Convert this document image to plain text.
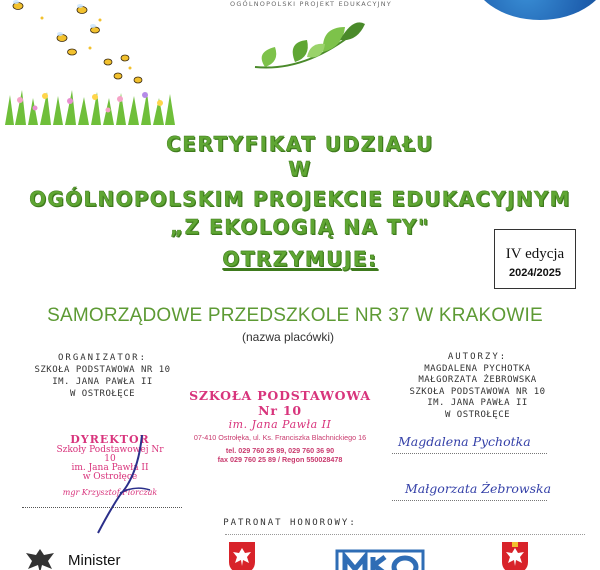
OGÓLNOPOLSKI PROJEKT EDUKACYJNY
CERTYFIKAT UDZIAŁU
W
OGÓLNOPOLSKIM PROJEKCIE EDUKACYJNYM
„Z EKOLOGIĄ NA TY"
OTRZYMUJE:	IV edycja
2024/2025
SAMORZĄDOWE PRZEDSZKOLE NR 37 W KRAKOWIE
(nazwa placówki)
ORGANIZATOR:
SZKOŁA PODSTAWOWA NR 10
IM. JANA PAWŁA II
W OSTROŁĘCE
AUTORZY:
MAGDALENA PYCHOTKA
MAŁGORZATA ŻEBROWSKA
SZKOŁA PODSTAWOWA NR 10
IM. JANA PAWŁA II
W OSTROŁĘCE
SZKOŁA PODSTAWOWA Nr 10
im. Jana Pawła II
07-410 Ostrołęka, ul. Ks. Franciszka Blachnickiego 16
tel. 029 760 25 89, 029 760 36 90
fax 029 760 25 89 / Regon 550028478
DYREKTOR
Szkoły Podstawowej Nr 10
im. Jana Pawła II
w Ostrołęce
mgr Krzysztof Florczak
Magdalena Pychotka
Małgorzata Żebrowska
PATRONAT HONOROWY:
Minister
